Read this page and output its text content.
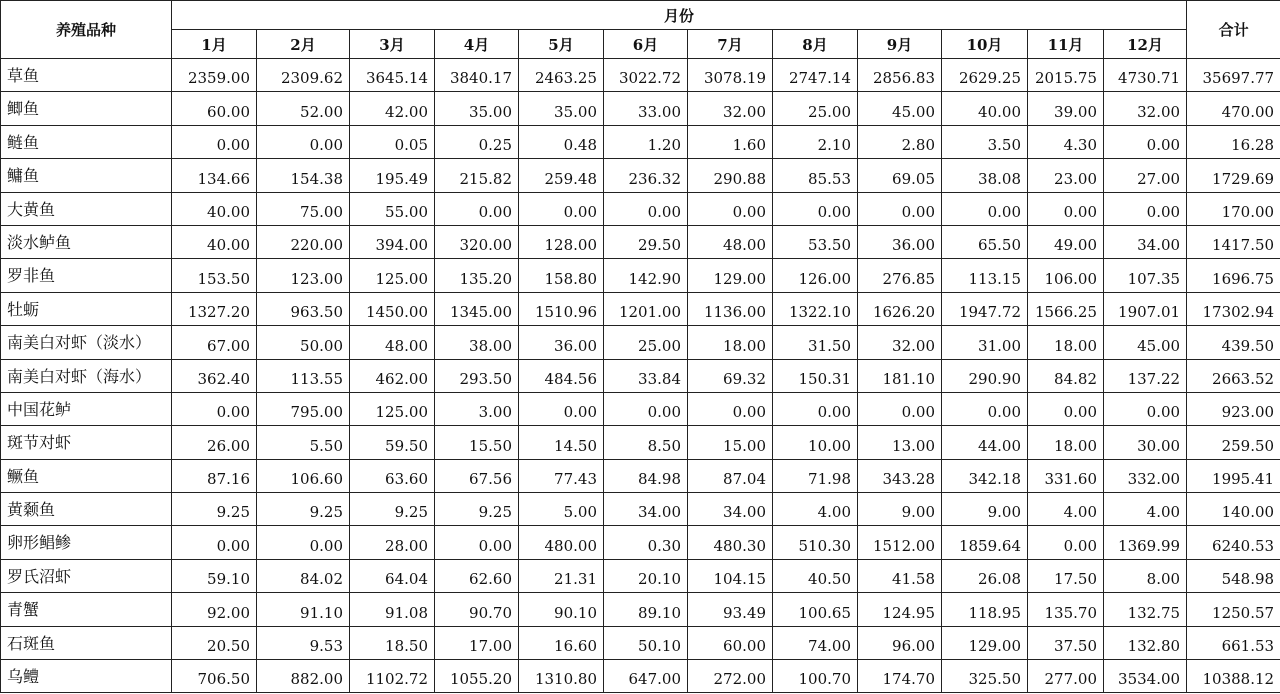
养殖品种	月份												合计
	1月	2月	3月	4月	5月	6月	7月	8月	9月	10月	11月	12月	
草鱼	2359.00	2309.62	3645.14	3840.17	2463.25	3022.72	3078.19	2747.14	2856.83	2629.25	2015.75	4730.71	35697.77
鲫鱼	60.00	52.00	42.00	35.00	35.00	33.00	32.00	25.00	45.00	40.00	39.00	32.00	470.00
鲢鱼	0.00	0.00	0.05	0.25	0.48	1.20	1.60	2.10	2.80	3.50	4.30	0.00	16.28
鳙鱼	134.66	154.38	195.49	215.82	259.48	236.32	290.88	85.53	69.05	38.08	23.00	27.00	1729.69
大黄鱼	40.00	75.00	55.00	0.00	0.00	0.00	0.00	0.00	0.00	0.00	0.00	0.00	170.00
淡水鲈鱼	40.00	220.00	394.00	320.00	128.00	29.50	48.00	53.50	36.00	65.50	49.00	34.00	1417.50
罗非鱼	153.50	123.00	125.00	135.20	158.80	142.90	129.00	126.00	276.85	113.15	106.00	107.35	1696.75
牡蛎	1327.20	963.50	1450.00	1345.00	1510.96	1201.00	1136.00	1322.10	1626.20	1947.72	1566.25	1907.01	17302.94
南美白对虾（淡水）	67.00	50.00	48.00	38.00	36.00	25.00	18.00	31.50	32.00	31.00	18.00	45.00	439.50
南美白对虾（海水）	362.40	113.55	462.00	293.50	484.56	33.84	69.32	150.31	181.10	290.90	84.82	137.22	2663.52
中国花鲈	0.00	795.00	125.00	3.00	0.00	0.00	0.00	0.00	0.00	0.00	0.00	0.00	923.00
斑节对虾	26.00	5.50	59.50	15.50	14.50	8.50	15.00	10.00	13.00	44.00	18.00	30.00	259.50
鳜鱼	87.16	106.60	63.60	67.56	77.43	84.98	87.04	71.98	343.28	342.18	331.60	332.00	1995.41
黄颡鱼	9.25	9.25	9.25	9.25	5.00	34.00	34.00	4.00	9.00	9.00	4.00	4.00	140.00
卵形鲳鲹	0.00	0.00	28.00	0.00	480.00	0.30	480.30	510.30	1512.00	1859.64	0.00	1369.99	6240.53
罗氏沼虾	59.10	84.02	64.04	62.60	21.31	20.10	104.15	40.50	41.58	26.08	17.50	8.00	548.98
青蟹	92.00	91.10	91.08	90.70	90.10	89.10	93.49	100.65	124.95	118.95	135.70	132.75	1250.57
石斑鱼	20.50	9.53	18.50	17.00	16.60	50.10	60.00	74.00	96.00	129.00	37.50	132.80	661.53
乌鳢	706.50	882.00	1102.72	1055.20	1310.80	647.00	272.00	100.70	174.70	325.50	277.00	3534.00	10388.12
